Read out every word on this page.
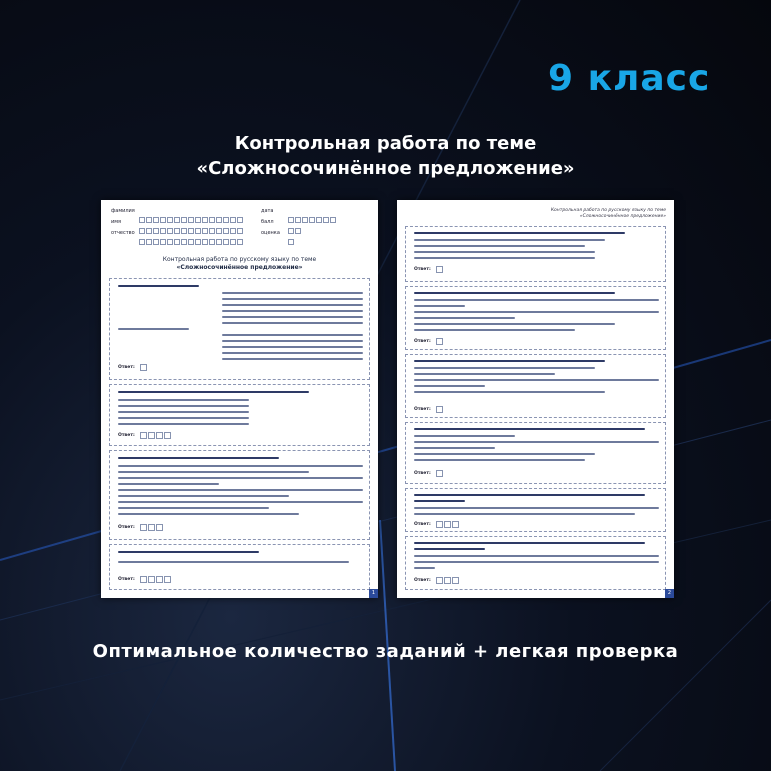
9 класс
Контрольная работа по теме
«Сложносочинённое предложение»
фамилия
имя
отчество
дата
балл
оценка
Контрольная работа по русскому языку по теме
«Сложносочинённое предложение»
Ответ:
Ответ:
Ответ:
Ответ:
1
Контрольная работа по русскому языку по теме
«Сложносочинённое предложение»
Ответ:
Ответ:
Ответ:
Ответ:
Ответ:
Ответ:
2
Оптимальное количество заданий + легкая проверка
